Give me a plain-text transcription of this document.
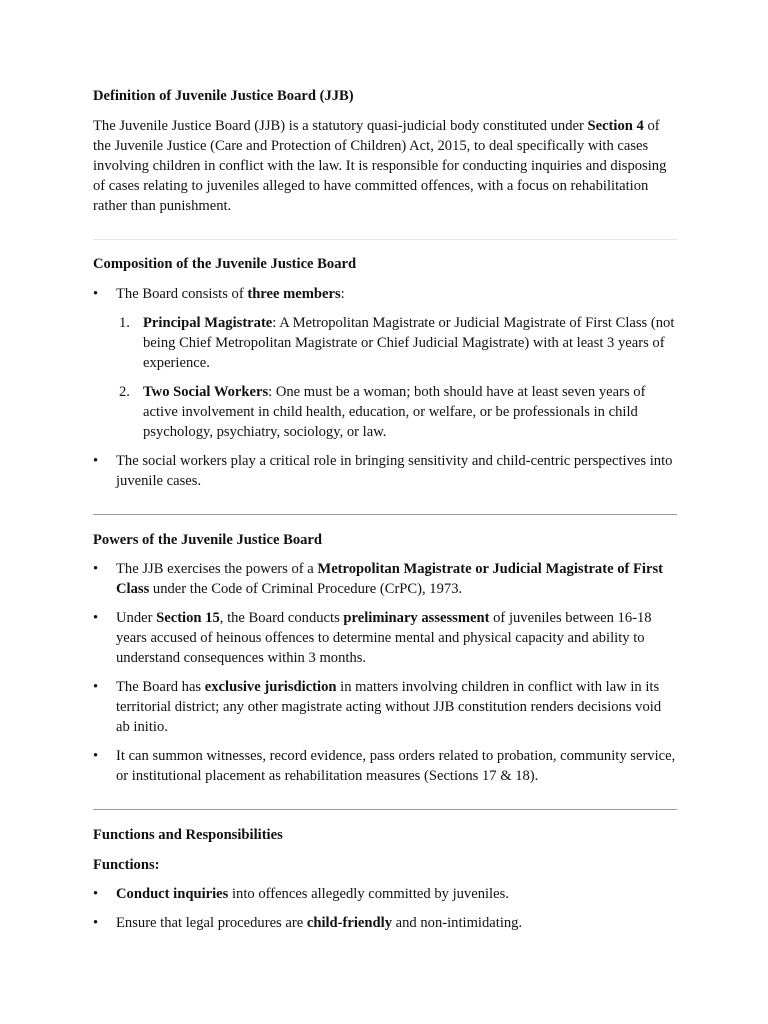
Definition of Juvenile Justice Board (JJB)

The Juvenile Justice Board (JJB) is a statutory quasi-judicial body constituted under Section 4 of the Juvenile Justice (Care and Protection of Children) Act, 2015, to deal specifically with cases involving children in conflict with the law. It is responsible for conducting inquiries and disposing of cases relating to juveniles alleged to have committed offences, with a focus on rehabilitation rather than punishment.

Composition of the Juvenile Justice Board

• The Board consists of three members:

1. Principal Magistrate: A Metropolitan Magistrate or Judicial Magistrate of First Class (not being Chief Metropolitan Magistrate or Chief Judicial Magistrate) with at least 3 years of experience.

2. Two Social Workers: One must be a woman; both should have at least seven years of active involvement in child health, education, or welfare, or be professionals in child psychology, psychiatry, sociology, or law.

• The social workers play a critical role in bringing sensitivity and child-centric perspectives into juvenile cases.

Powers of the Juvenile Justice Board

• The JJB exercises the powers of a Metropolitan Magistrate or Judicial Magistrate of First Class under the Code of Criminal Procedure (CrPC), 1973.

• Under Section 15, the Board conducts preliminary assessment of juveniles between 16-18 years accused of heinous offences to determine mental and physical capacity and ability to understand consequences within 3 months.

• The Board has exclusive jurisdiction in matters involving children in conflict with law in its territorial district; any other magistrate acting without JJB constitution renders decisions void ab initio.

• It can summon witnesses, record evidence, pass orders related to probation, community service, or institutional placement as rehabilitation measures (Sections 17 & 18).

Functions and Responsibilities

Functions:

• Conduct inquiries into offences allegedly committed by juveniles.

• Ensure that legal procedures are child-friendly and non-intimidating.
